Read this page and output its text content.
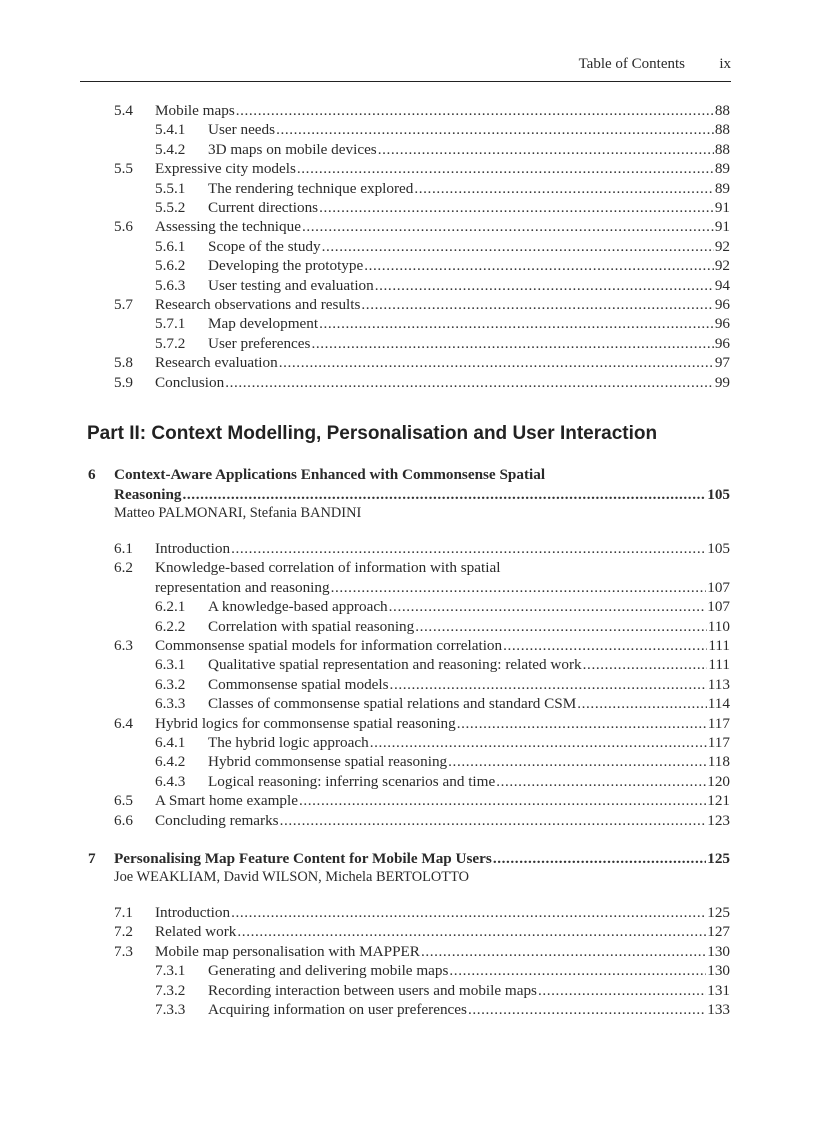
Table of Contents ix
5.4 Mobile maps . . .	88
5.4.1 User needs . . .	88
5.4.2 3D maps on mobile devices . . .	88
5.5 Expressive city models . . .	89
5.5.1 The rendering technique explored . . .	89
5.5.2 Current directions . . .	91
5.6 Assessing the technique . . .	91
5.6.1 Scope of the study . . .	92
5.6.2 Developing the prototype . . .	92
5.6.3 User testing and evaluation . . .	94
5.7 Research observations and results . . .	96
5.7.1 Map development . . .	96
5.7.2 User preferences . . .	96
5.8 Research evaluation . . .	97
5.9 Conclusion . . .	99
6 Context-Aware Applications Enhanced with Commonsense Spatial
Reasoning . . .	105
Matteo PALMONARI, Stefania BANDINI
6.1 Introduction . . .	105
6.2 Knowledge-based correlation of information with spatial
representation and reasoning . . .	107
6.2.1 A knowledge-based approach . . .	107
6.2.2 Correlation with spatial reasoning . . .	110
6.3 Commonsense spatial models for information correlation . . .	111
6.3.1 Qualitative spatial representation and reasoning: related work . . .	111
6.3.2 Commonsense spatial models . . .	113
6.3.3 Classes of commonsense spatial relations and standard CSM . . .	114
6.4 Hybrid logics for commonsense spatial reasoning . . .	117
6.4.1 The hybrid logic approach . . .	117
6.4.2 Hybrid commonsense spatial reasoning . . .	118
6.4.3 Logical reasoning: inferring scenarios and time . . .	120
6.5 A Smart home example . . .	121
6.6 Concluding remarks . . .	123
7 Personalising Map Feature Content for Mobile Map Users . . .	125
Joe WEAKLIAM, David WILSON, Michela BERTOLOTTO
7.1 Introduction . . .	125
7.2 Related work . . .	127
7.3 Mobile map personalisation with MAPPER . . .	130
7.3.1 Generating and delivering mobile maps . . .	130
7.3.2 Recording interaction between users and mobile maps . . .	131
7.3.3 Acquiring information on user preferences . . .	133
Part II: Context Modelling, Personalisation and User Interaction
